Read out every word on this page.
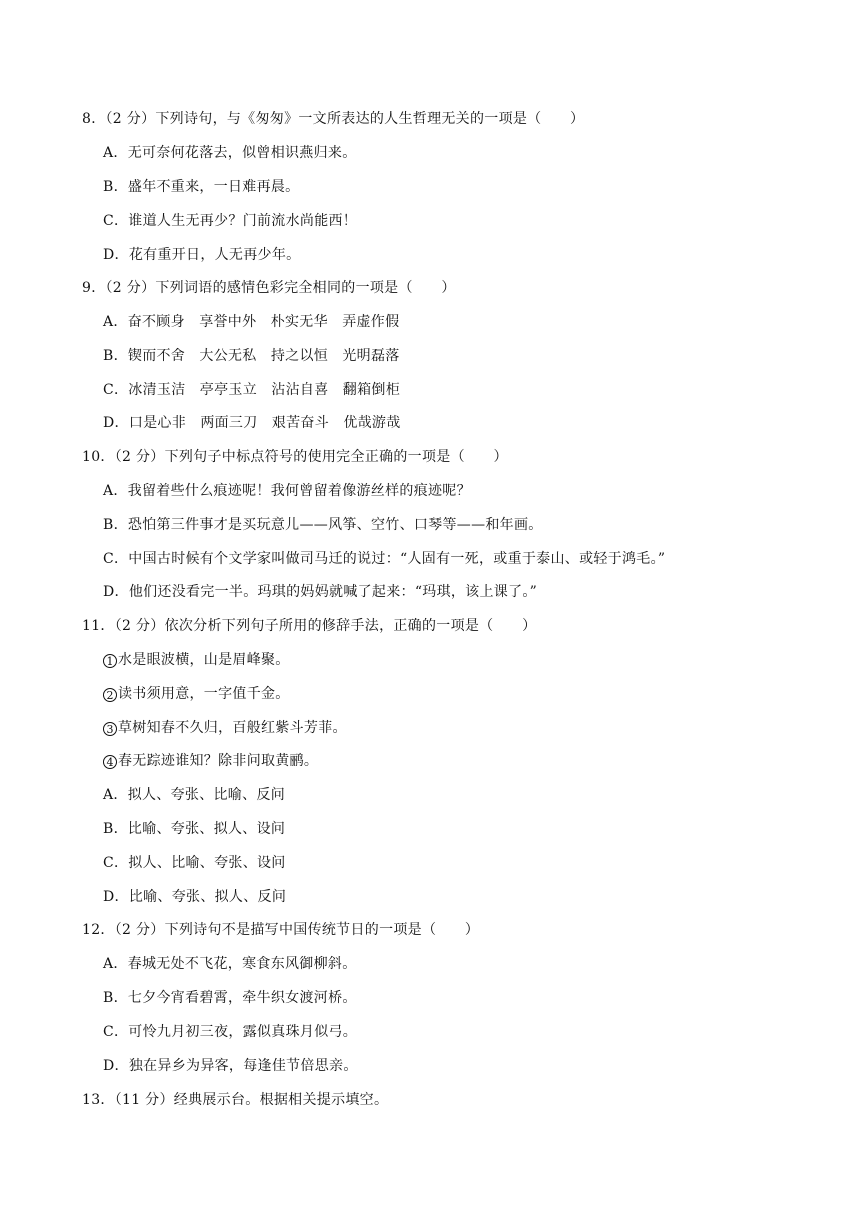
8．（2 分）下列诗句，与《匆匆》一文所表达的人生哲理无关的一项是（　　）
A．无可奈何花落去，似曾相识燕归来。
B．盛年不重来，一日难再晨。
C．谁道人生无再少？门前流水尚能西！
D．花有重开日，人无再少年。
9．（2 分）下列词语的感情色彩完全相同的一项是（　　）
A．奋不顾身　享誉中外　朴实无华　弄虚作假
B．锲而不舍　大公无私　持之以恒　光明磊落
C．冰清玉洁　亭亭玉立　沾沾自喜　翻箱倒柜
D．口是心非　两面三刀　艰苦奋斗　优哉游哉
10．（2 分）下列句子中标点符号的使用完全正确的一项是（　　）
A．我留着些什么痕迹呢！我何曾留着像游丝样的痕迹呢？
B．恐怕第三件事才是买玩意儿——风筝、空竹、口琴等——和年画。
C．中国古时候有个文学家叫做司马迁的说过：“人固有一死，或重于泰山、或轻于鸿毛。”
D．他们还没看完一半。玛琪的妈妈就喊了起来：“玛琪，该上课了。”
11．（2 分）依次分析下列句子所用的修辞手法，正确的一项是（　　）
1 水是眼波横，山是眉峰聚。
2 读书须用意，一字值千金。
3 草树知春不久归，百般红紫斗芳菲。
4 春无踪迹谁知？除非问取黄鹂。
A．拟人、夸张、比喻、反问
B．比喻、夸张、拟人、设问
C．拟人、比喻、夸张、设问
D．比喻、夸张、拟人、反问
12．（2 分）下列诗句不是描写中国传统节日的一项是（　　）
A．春城无处不飞花，寒食东风御柳斜。
B．七夕今宵看碧霄，牵牛织女渡河桥。
C．可怜九月初三夜，露似真珠月似弓。
D．独在异乡为异客，每逢佳节倍思亲。
13．（11 分）经典展示台。根据相关提示填空。
